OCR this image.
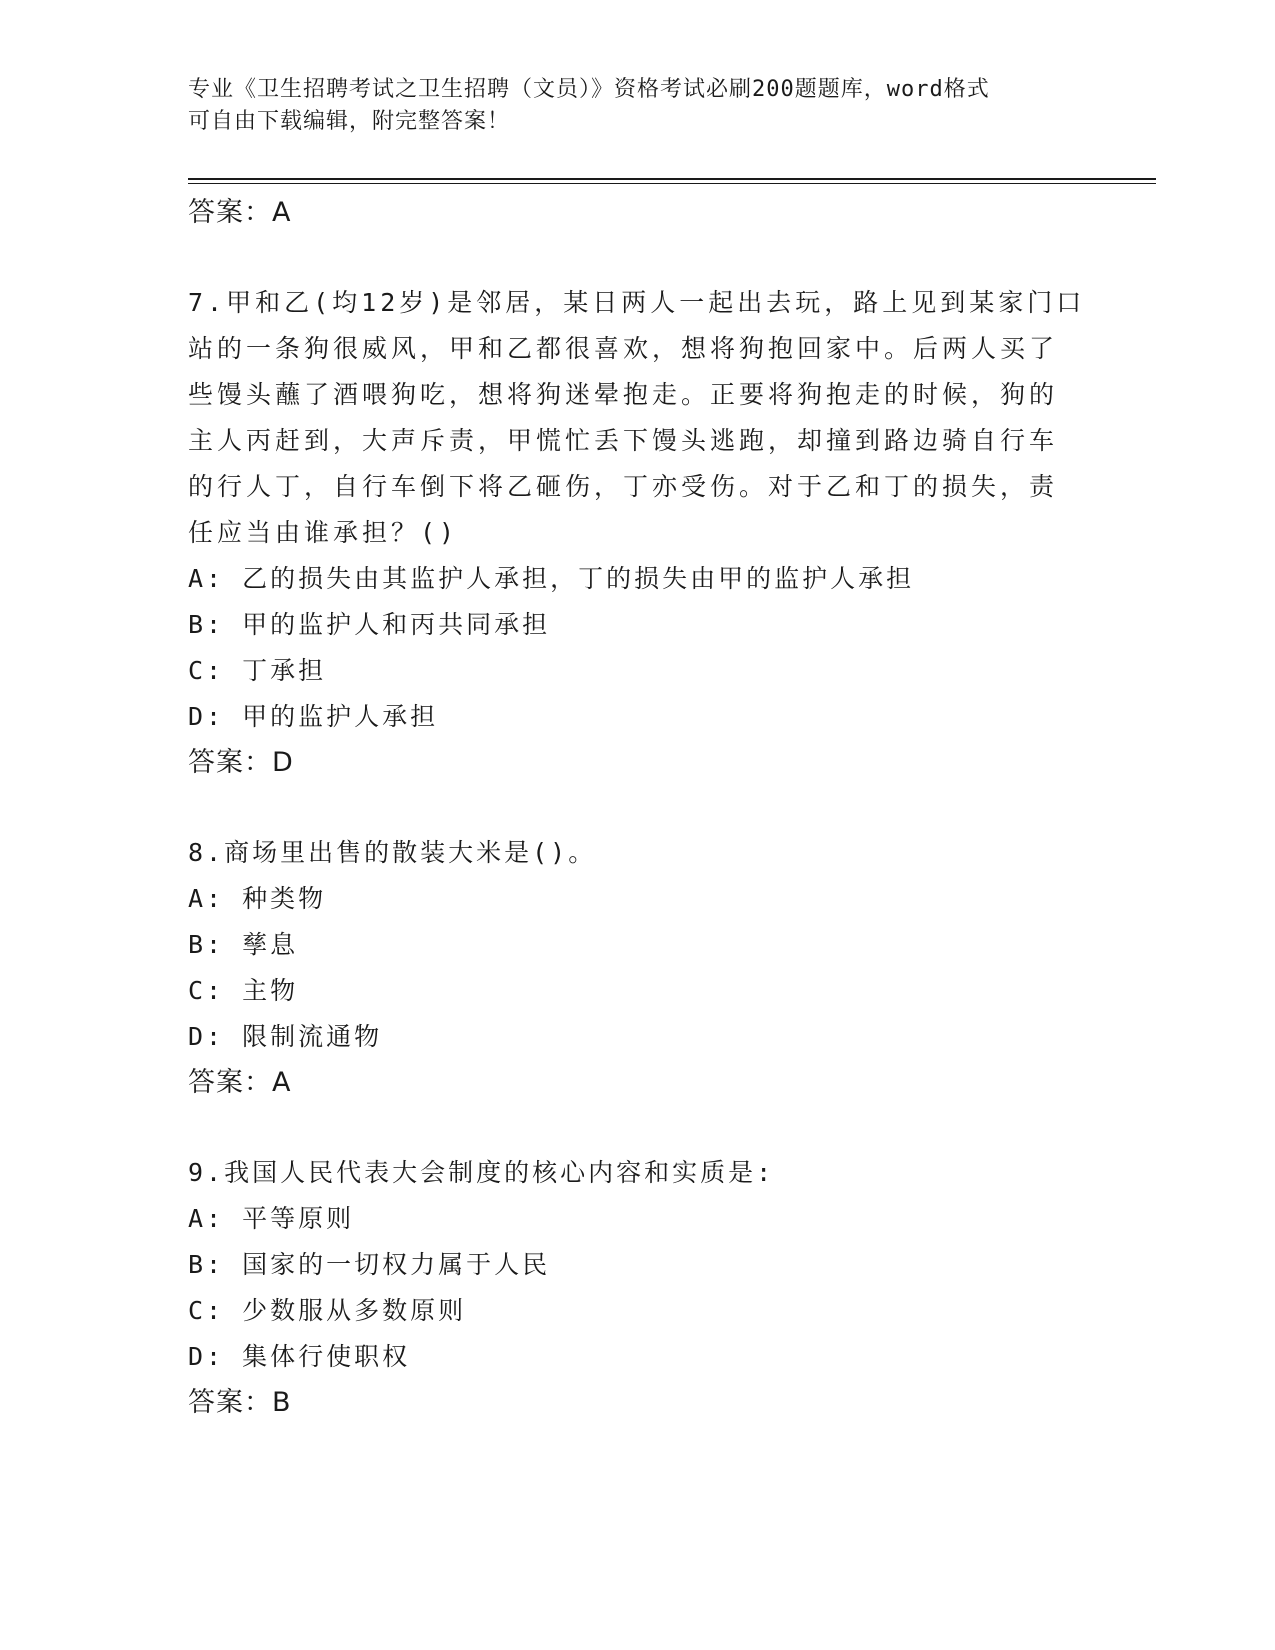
专业《卫生招聘考试之卫生招聘（文员）》资格考试必刷200题题库，word格式
可自由下载编辑，附完整答案！
答案：A
7.甲和乙(均12岁)是邻居，某日两人一起出去玩，路上见到某家门口
站的一条狗很威风，甲和乙都很喜欢，想将狗抱回家中。后两人买了
些馒头蘸了酒喂狗吃，想将狗迷晕抱走。正要将狗抱走的时候，狗的
主人丙赶到，大声斥责，甲慌忙丢下馒头逃跑，却撞到路边骑自行车
的行人丁，自行车倒下将乙砸伤，丁亦受伤。对于乙和丁的损失，责
任应当由谁承担？()
A: 乙的损失由其监护人承担，丁的损失由甲的监护人承担
B: 甲的监护人和丙共同承担
C: 丁承担
D: 甲的监护人承担
答案：D
8.商场里出售的散装大米是()。
A: 种类物
B: 孳息
C: 主物
D: 限制流通物
答案：A
9.我国人民代表大会制度的核心内容和实质是:
A: 平等原则
B: 国家的一切权力属于人民
C: 少数服从多数原则
D: 集体行使职权
答案：B
